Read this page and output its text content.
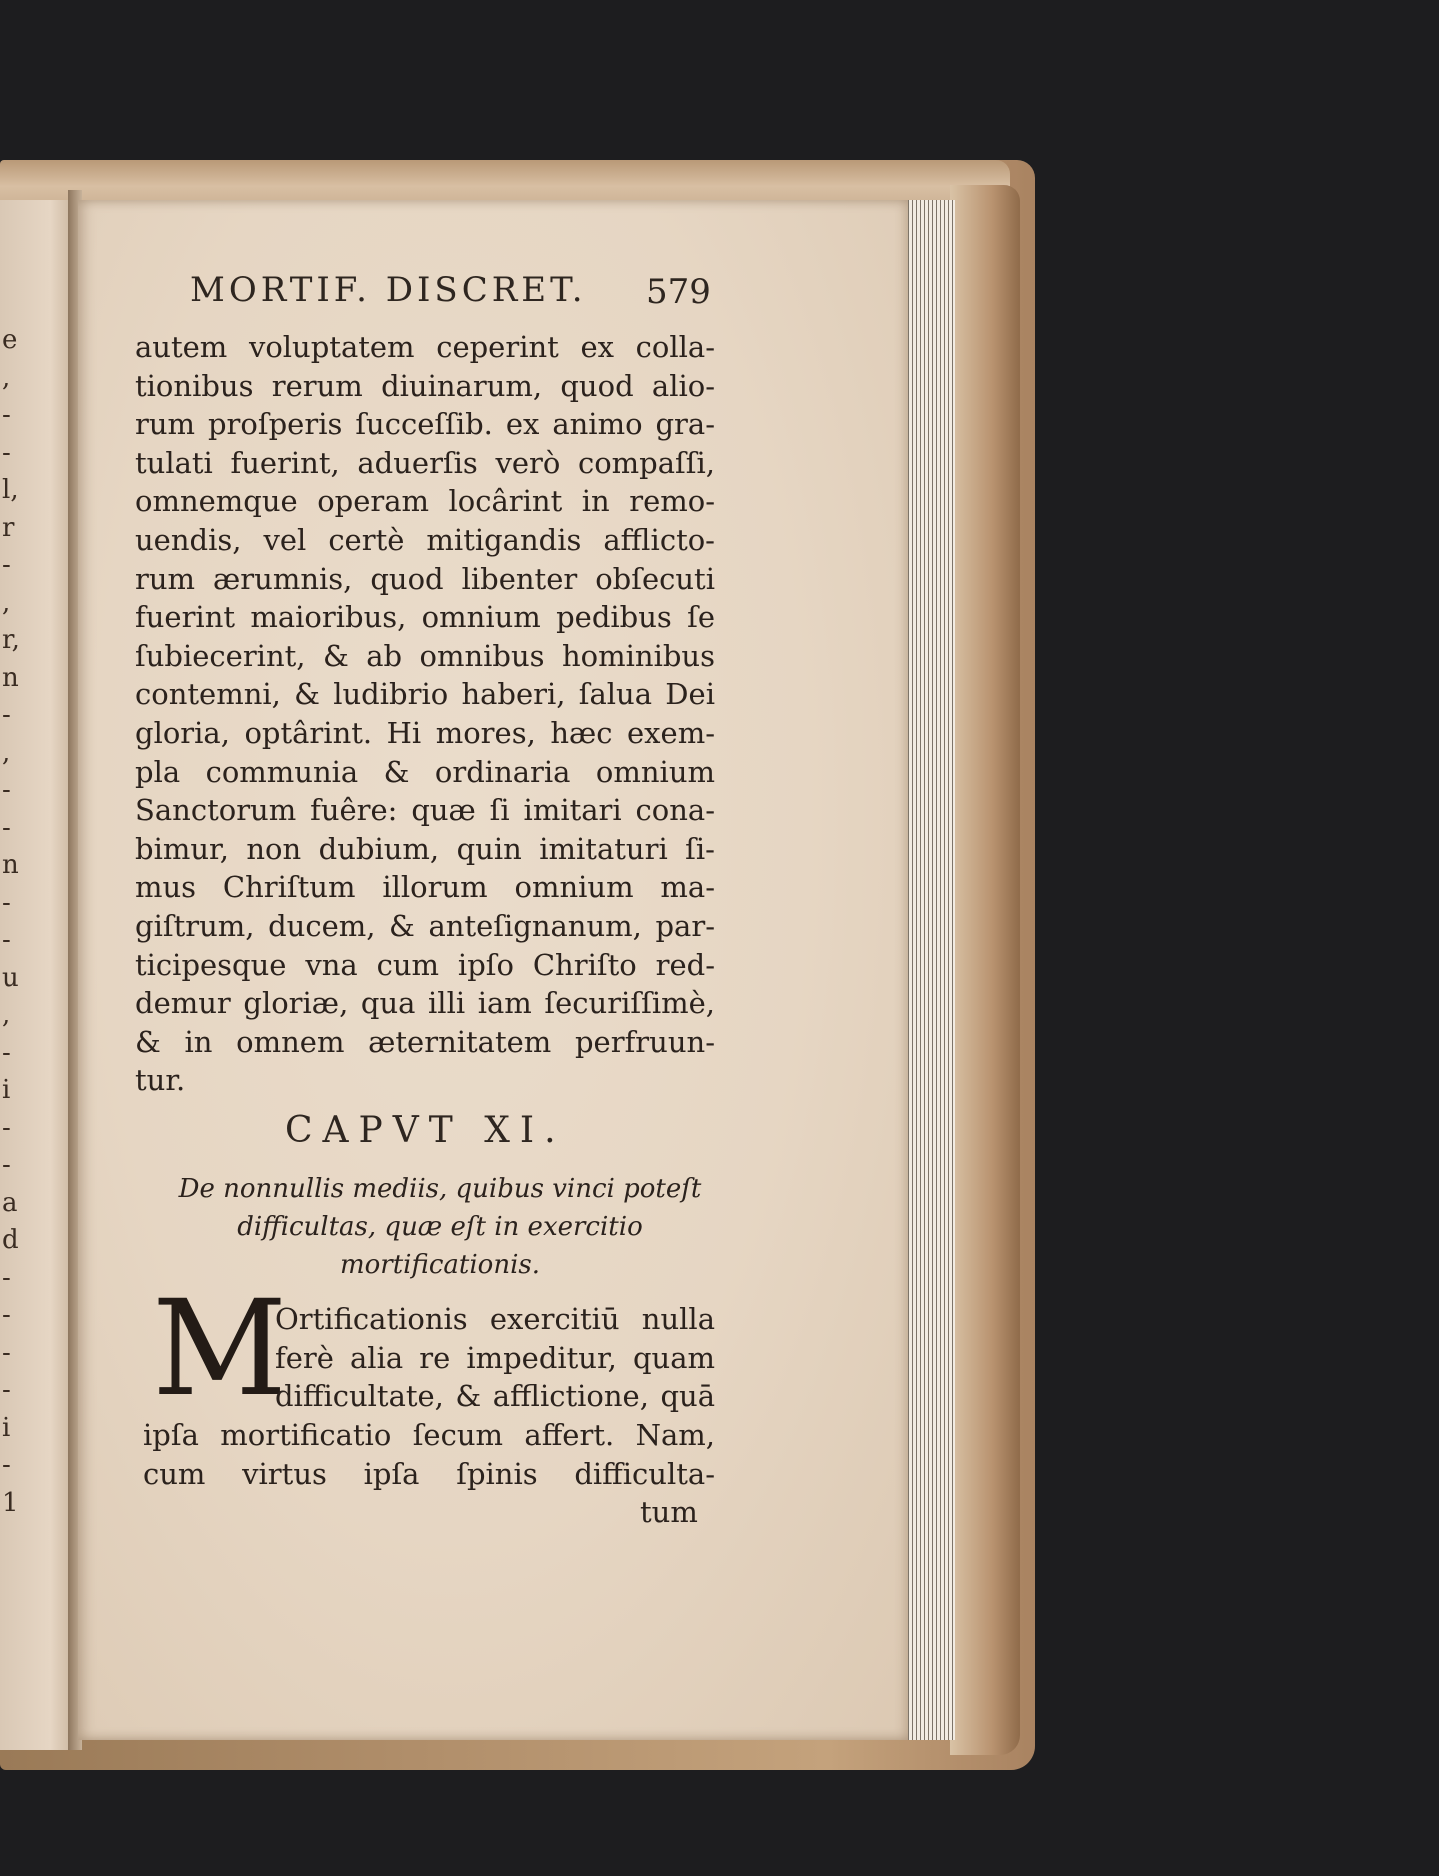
e
,
-
-
l,
r
-
,
r,
n
-
,
-
-
n
-
-
u
,
-
i
-
-
a
d
-
-
-
-
i
-
1
MORTIF. DISCRET.	579
autem voluptatem ceperint ex colla-
tionibus rerum diuinarum, quod alio-
rum proſperis ſucceſſib. ex animo gra-
tulati fuerint, aduerſis verò compaſſi,
omnemque operam locârint in remo-
uendis, vel certè mitigandis afflicto-
rum ærumnis, quod libenter obſecuti
fuerint maioribus, omnium pedibus ſe
ſubiecerint, & ab omnibus hominibus
contemni, & ludibrio haberi, ſalua Dei
gloria, optârint. Hi mores, hæc exem-
pla communia & ordinaria omnium
Sanctorum fuêre: quæ ſi imitari cona-
bimur, non dubium, quin imitaturi ſi-
mus Chriſtum illorum omnium ma-
giſtrum, ducem, & anteſignanum, par-
ticipesque vna cum ipſo Chriſto red-
demur gloriæ, qua illi iam ſecuriſſimè,
& in omnem æternitatem perfruun-
tur.
CAPVT XI.
De nonnullis mediis, quibus vinci poteſt
difficultas, quæ eſt in exercitio
mortificationis.
M
Ortificationis exercitiū nulla
ferè alia re impeditur, quam
difficultate, & afflictione, quā
ipſa mortificatio ſecum affert. Nam,
cum virtus ipſa ſpinis difficulta-
tum
